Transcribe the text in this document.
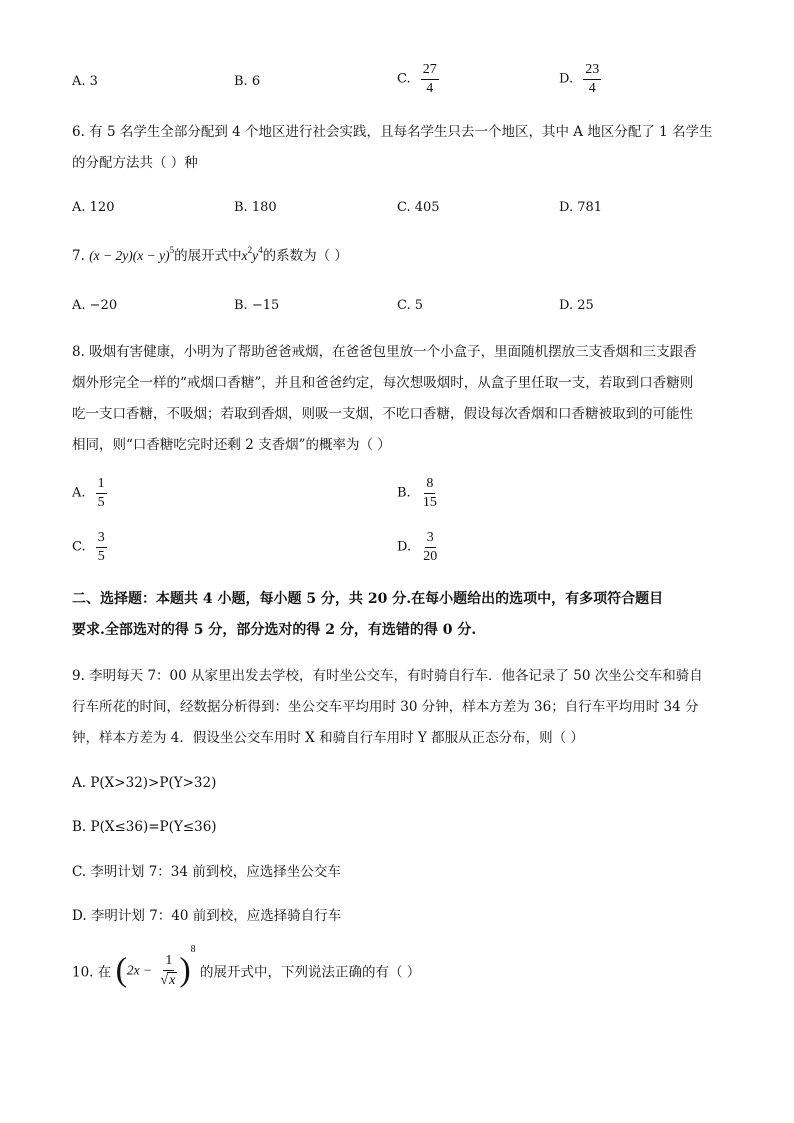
A. 3	B. 6	C. $\frac{27}{4}$	D. $\frac{23}{4}$
6. 有 5 名学生全部分配到 4 个地区进行社会实践，且每名学生只去一个地区，其中 A 地区分配了 1 名学生
的分配方法共（ ）种
A. 120	B. 180	C. 405	D. 781
7. $(x - 2y)(x - y)^5$的展开式中$x^2y^4$的系数为（ ）
A. −20	B. −15	C. 5	D. 25
8. 吸烟有害健康，小明为了帮助爸爸戒烟，在爸爸包里放一个小盒子，里面随机摆放三支香烟和三支跟香
烟外形完全一样的“戒烟口香糖”，并且和爸爸约定，每次想吸烟时，从盒子里任取一支，若取到口香糖则
吃一支口香糖，不吸烟；若取到香烟，则吸一支烟，不吃口香糖，假设每次香烟和口香糖被取到的可能性
相同，则“口香糖吃完时还剩 2 支香烟”的概率为（ ）
A. $\frac{1}{5}$	B. $\frac{8}{15}$
C. $\frac{3}{5}$	D. $\frac{3}{20}$
二、选择题：本题共 4 小题，每小题 5 分，共 20 分.在每小题给出的选项中，有多项符合题目
要求.全部选对的得 5 分，部分选对的得 2 分，有选错的得 0 分.
9. 李明每天 7：00 从家里出发去学校，有时坐公交车，有时骑自行车．他各记录了 50 次坐公交车和骑自
行车所花的时间，经数据分析得到：坐公交车平均用时 30 分钟，样本方差为 36；自行车平均用时 34 分
钟，样本方差为 4．假设坐公交车用时 X 和骑自行车用时 Y 都服从正态分布，则（ ）
A. P(X>32)>P(Y>32)
B. P(X≤36)=P(Y≤36)
C. 李明计划 7：34 前到校，应选择坐公交车
D. 李明计划 7：40 前到校，应选择骑自行车
10. 在 $(2x - \frac{1}{√x} )^8$ 的展开式中，下列说法正确的有（ ）
